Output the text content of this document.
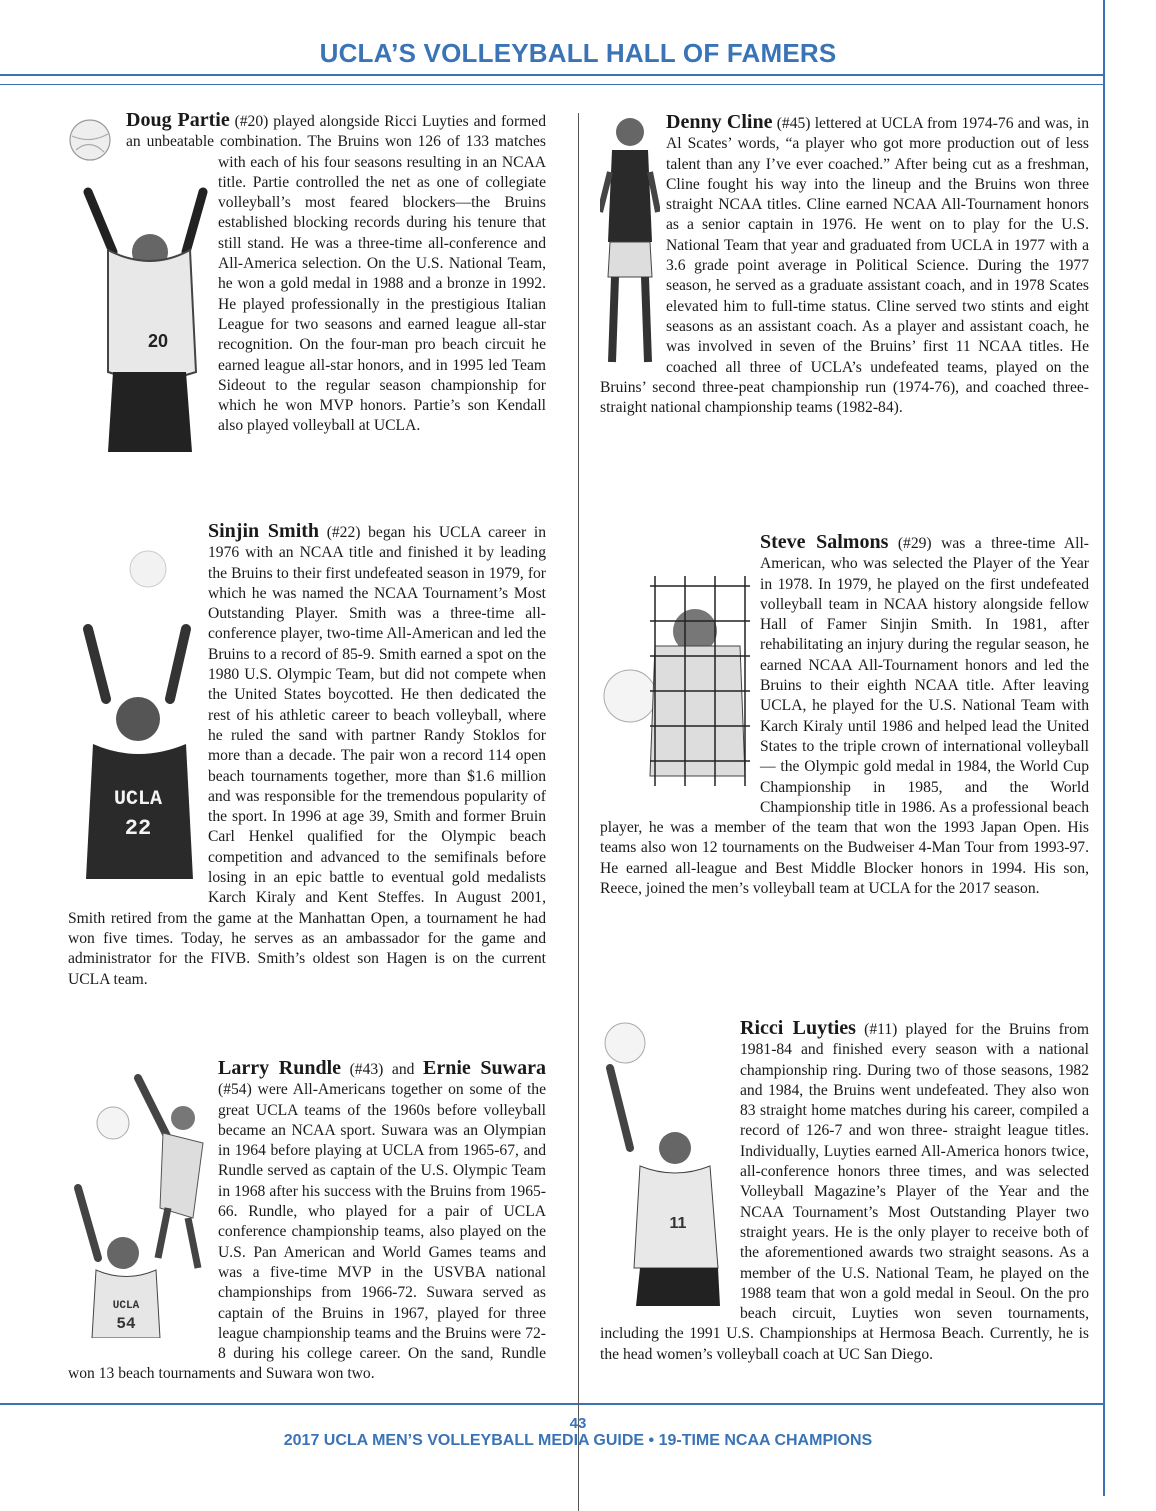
UCLA’S VOLLEYBALL HALL OF FAMERS
20
Doug Partie (#20) played alongside Ricci Luyties and formed an unbeatable combination. The Bruins won 126 of 133 matches with each of his four seasons resulting in an NCAA title. Partie controlled the net as one of collegiate volleyball’s most feared blockers—the Bruins established blocking records during his tenure that still stand. He was a three-time all-conference and All-America selection. On the U.S. National Team, he won a gold medal in 1988 and a bronze in 1992. He played professionally in the prestigious Italian League for two seasons and earned league all-star recognition. On the four-man pro beach circuit he earned league all-star honors, and in 1995 led Team Sideout to the regular season championship for which he won MVP honors. Partie’s son Kendall also played volleyball at UCLA.
UCLA
22
Sinjin Smith (#22) began his UCLA career in 1976 with an NCAA title and finished it by leading the Bruins to their first undefeated season in 1979, for which he was named the NCAA Tournament’s Most Outstanding Player. Smith was a three-time all-conference player, two-time All-American and led the Bruins to a record of 85-9. Smith earned a spot on the 1980 U.S. Olympic Team, but did not compete when the United States boycotted. He then dedicated the rest of his athletic career to beach volleyball, where he ruled the sand with partner Randy Stoklos for more than a decade. The pair won a record 114 open beach tournaments together, more than $1.6 million and was responsible for the tremendous popularity of the sport. In 1996 at age 39, Smith and former Bruin Carl Henkel qualified for the Olympic beach competition and advanced to the semifinals before losing in an epic battle to eventual gold medalists Karch Kiraly and Kent Steffes. In August 2001, Smith retired from the game at the Manhattan Open, a tournament he had won five times. Today, he serves as an ambassador for the game and administrator for the FIVB. Smith’s oldest son Hagen is on the current UCLA team.
UCLA
54
Larry Rundle (#43) and Ernie Suwara (#54) were All-Americans together on some of the great UCLA teams of the 1960s before volleyball became an NCAA sport. Suwara was an Olympian in 1964 before playing at UCLA from 1965-67, and Rundle served as captain of the U.S. Olympic Team in 1968 after his success with the Bruins from 1965-66. Rundle, who played for a pair of UCLA conference championship teams, also played on the U.S. Pan American and World Games teams and was a five-time MVP in the USVBA national championships from 1966-72. Suwara served as captain of the Bruins in 1967, played for three league championship teams and the Bruins were 72-8 during his college career. On the sand, Rundle won 13 beach tournaments and Suwara won two.
Denny Cline (#45) lettered at UCLA from 1974-76 and was, in Al Scates’ words, “a player who got more production out of less talent than any I’ve ever coached.” After being cut as a freshman, Cline fought his way into the lineup and the Bruins won three straight NCAA titles. Cline earned NCAA All-Tournament honors as a senior captain in 1976. He went on to play for the U.S. National Team that year and graduated from UCLA in 1977 with a 3.6 grade point average in Political Science. During the 1977 season, he served as a graduate assistant coach, and in 1978 Scates elevated him to full-time status. Cline served two stints and eight seasons as an assistant coach. As a player and assistant coach, he was involved in seven of the Bruins’ first 11 NCAA titles. He coached all three of UCLA’s undefeated teams, played on the Bruins’ second three-peat championship run (1974-76), and coached three-straight national championship teams (1982-84).
Steve Salmons (#29) was a three-time All-American, who was selected the Player of the Year in 1978. In 1979, he played on the first undefeated volleyball team in NCAA history alongside fellow Hall of Famer Sinjin Smith. In 1981, after rehabilitating an injury during the regular season, he earned NCAA All-Tournament honors and led the Bruins to their eighth NCAA title. After leaving UCLA, he played for the U.S. National Team with Karch Kiraly until 1986 and helped lead the United States to the triple crown of international volleyball — the Olympic gold medal in 1984, the World Cup Championship in 1985, and the World Championship title in 1986. As a professional beach player, he was a member of the team that won the 1993 Japan Open. His teams also won 12 tournaments on the Budweiser 4-Man Tour from 1993-97. He earned all-league and Best Middle Blocker honors in 1994. His son, Reece, joined the men’s volleyball team at UCLA for the 2017 season.
11
Ricci Luyties (#11) played for the Bruins from 1981-84 and finished every season with a national championship ring. During two of those seasons, 1982 and 1984, the Bruins went undefeated. They also won 83 straight home matches during his career, compiled a record of 126-7 and won three- straight league titles. Individually, Luyties earned All-America honors twice, all-conference honors three times, and was selected Volleyball Magazine’s Player of the Year and the NCAA Tournament’s Most Outstanding Player two straight years. He is the only player to receive both of the aforementioned awards two straight seasons. As a member of the U.S. National Team, he played on the 1988 team that won a gold medal in Seoul. On the pro beach circuit, Luyties won seven tournaments, including the 1991 U.S. Championships at Hermosa Beach. Currently, he is the head women’s volleyball coach at UC San Diego.
43
2017 UCLA MEN’S VOLLEYBALL MEDIA GUIDE • 19-TIME NCAA CHAMPIONS
